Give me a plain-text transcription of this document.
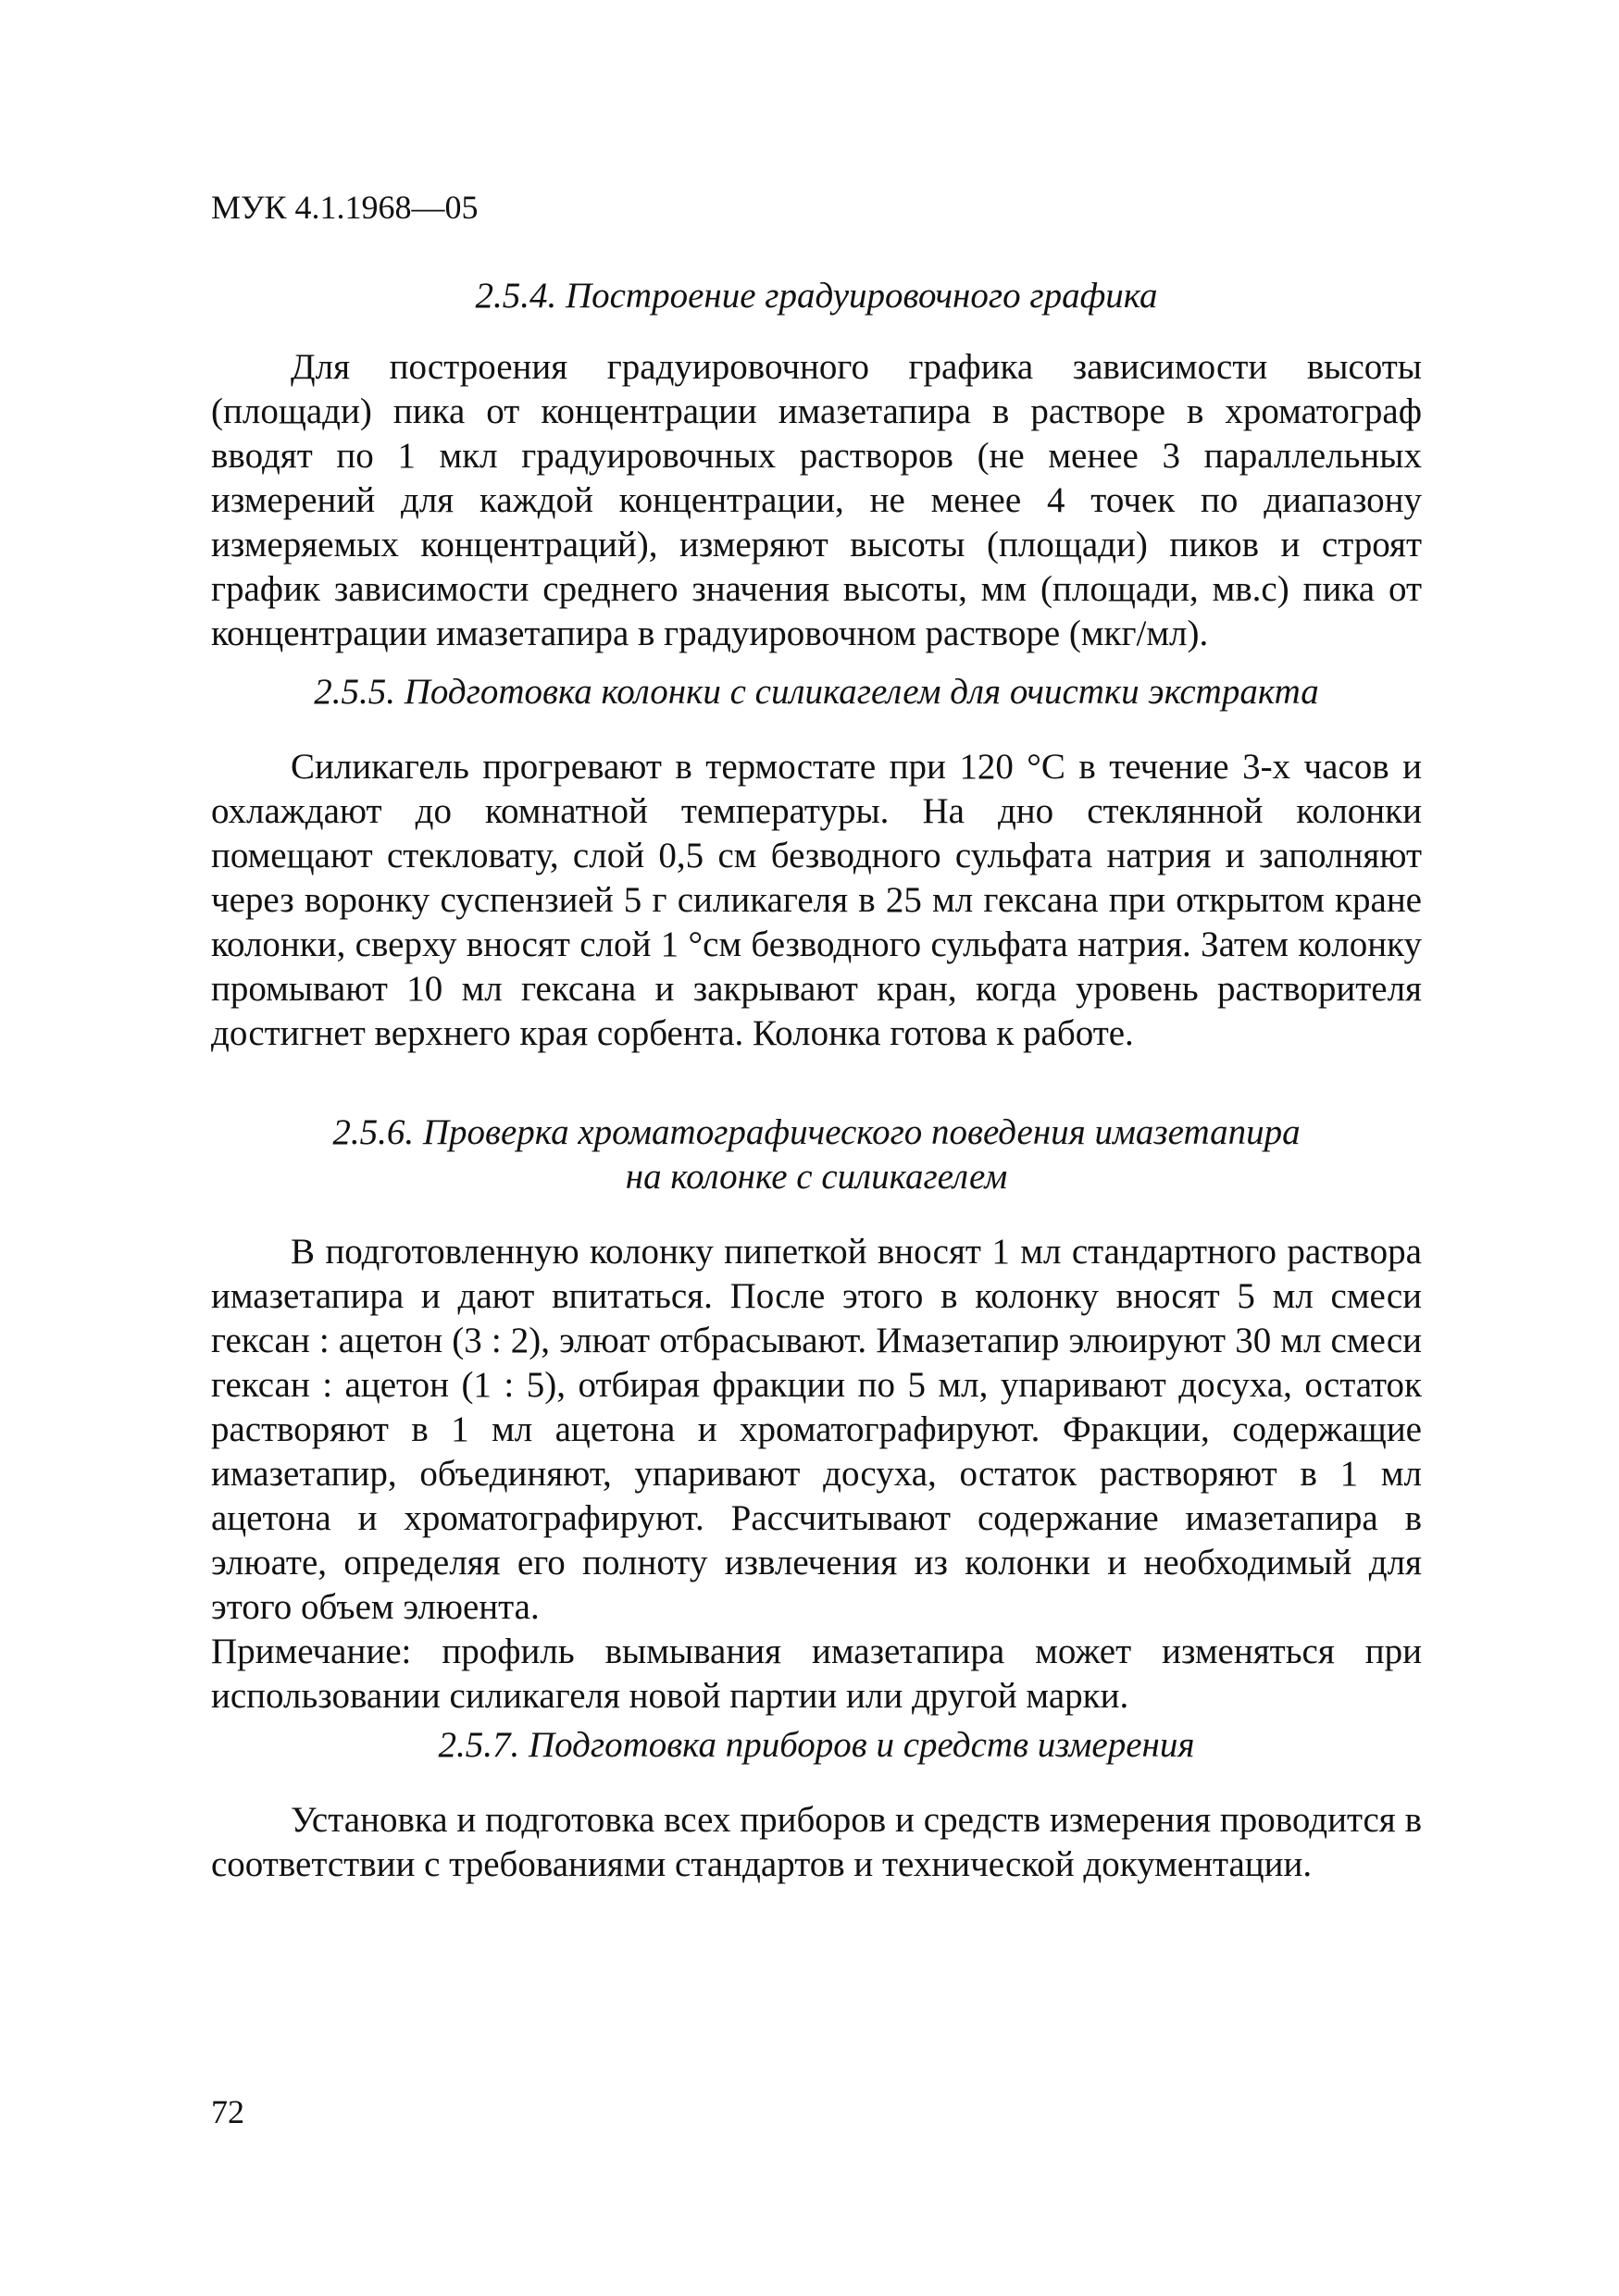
МУК 4.1.1968—05

2.5.4. Построение градуировочного графика

Для построения градуировочного графика зависимости высоты (площади) пика от концентрации имазетапира в растворе в хроматограф вводят по 1 мкл градуировочных растворов (не менее 3 параллельных измерений для каждой концентрации, не менее 4 точек по диапазону измеряемых концентраций), измеряют высоты (площади) пиков и строят график зависимости среднего значения высоты, мм (площади, мв.с) пика от концентрации имазетапира в градуировочном растворе (мкг/мл).

2.5.5. Подготовка колонки с силикагелем для очистки экстракта

Силикагель прогревают в термостате при 120 °С в течение 3-х часов и охлаждают до комнатной температуры. На дно стеклянной колонки помещают стекловату, слой 0,5 см безводного сульфата натрия и заполняют через воронку суспензией 5 г силикагеля в 25 мл гексана при открытом кране колонки, сверху вносят слой 1 °см безводного сульфата натрия. Затем колонку промывают 10 мл гексана и закрывают кран, когда уровень растворителя достигнет верхнего края сорбента. Колонка готова к работе.

2.5.6. Проверка хроматографического поведения имазетапира
на колонке с силикагелем

В подготовленную колонку пипеткой вносят 1 мл стандартного раствора имазетапира и дают впитаться. После этого в колонку вносят 5 мл смеси гексан : ацетон (3 : 2), элюат отбрасывают. Имазетапир элюируют 30 мл смеси гексан : ацетон (1 : 5), отбирая фракции по 5 мл, упаривают досуха, остаток растворяют в 1 мл ацетона и хроматографируют. Фракции, содержащие имазетапир, объединяют, упаривают досуха, остаток растворяют в 1 мл ацетона и хроматографируют. Рассчитывают содержание имазетапира в элюате, определяя его полноту извлечения из колонки и необходимый для этого объем элюента.

Примечание: профиль вымывания имазетапира может изменяться при использовании силикагеля новой партии или другой марки.

2.5.7. Подготовка приборов и средств измерения

Установка и подготовка всех приборов и средств измерения проводится в соответствии с требованиями стандартов и технической документации.

72
